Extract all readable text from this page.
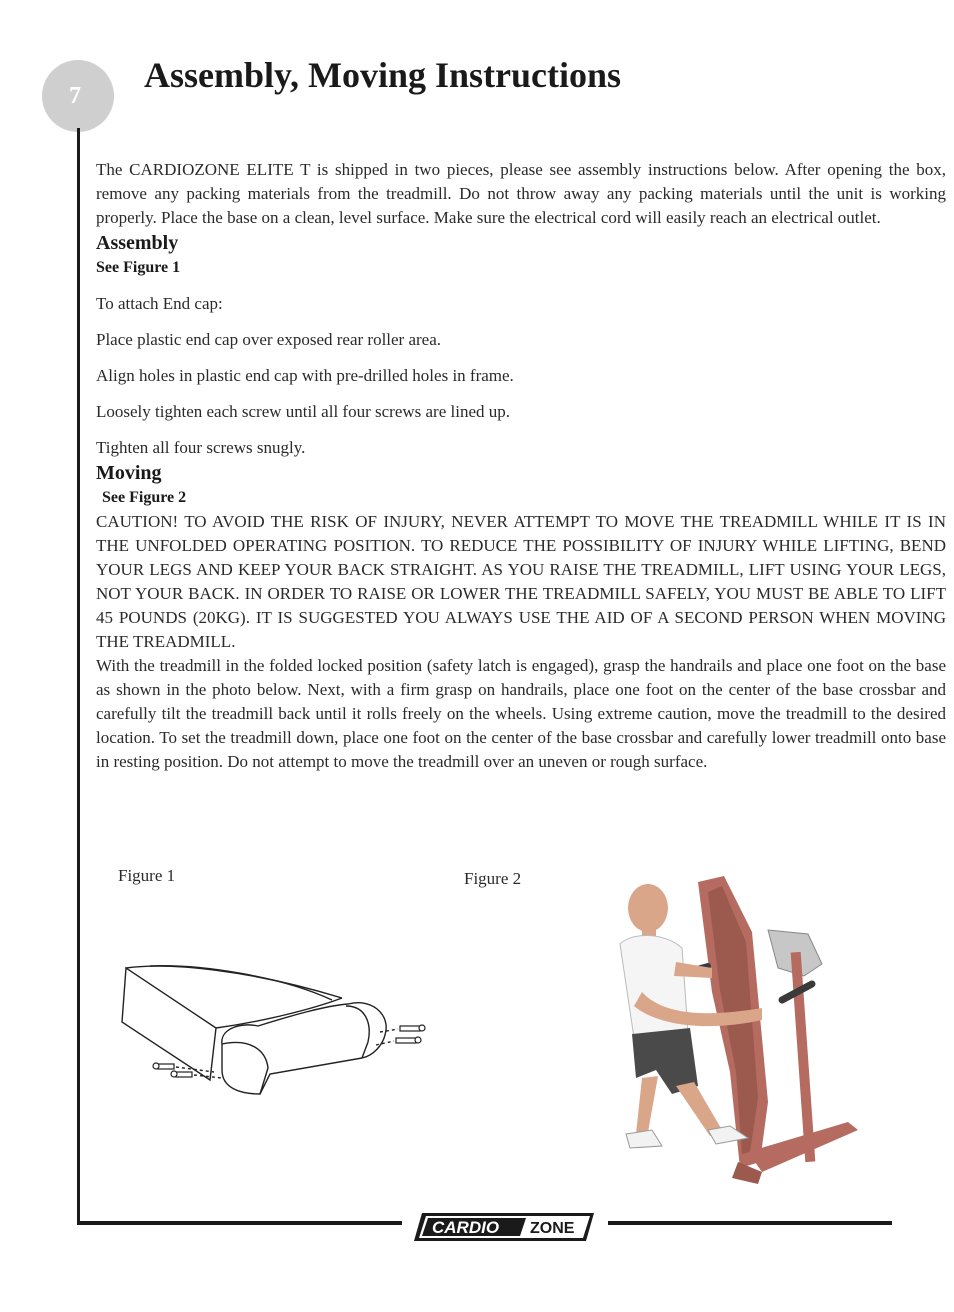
7
Assembly, Moving Instructions
CARDIO ZONE

The CARDIOZONE ELITE T is shipped in two pieces, please see assembly instructions below. After opening the box, remove any packing materials from the treadmill. Do not throw away any packing materials until the unit is working properly. Place the base on a clean, level surface. Make sure the electrical cord will easily reach an electrical outlet.

Assembly

See Figure 1

To attach End cap:

Place plastic end cap over exposed rear roller area.

Align holes in plastic end cap with pre-drilled holes in frame.

Loosely tighten each screw until all four screws are lined up.

Tighten all four screws snugly.

Moving

See Figure 2

CAUTION! TO AVOID THE RISK OF INJURY, NEVER ATTEMPT TO MOVE THE TREADMILL WHILE IT IS IN THE UNFOLDED OPERATING POSITION. TO REDUCE THE POSSIBILITY OF INJURY WHILE LIFTING, BEND YOUR LEGS AND KEEP YOUR BACK STRAIGHT. AS YOU RAISE THE TREADMILL, LIFT USING YOUR LEGS, NOT YOUR BACK. IN ORDER TO RAISE OR LOWER THE TREADMILL SAFELY, YOU MUST BE ABLE TO LIFT 45 POUNDS (20KG). IT IS SUGGESTED YOU ALWAYS USE THE AID OF A SECOND PERSON WHEN MOVING THE TREADMILL.

With the treadmill in the folded locked position (safety latch is engaged), grasp the handrails and place one foot on the base as shown in the photo below. Next, with a firm grasp on handrails, place one foot on the center of the base crossbar and carefully tilt the treadmill back until it rolls freely on the wheels. Using extreme caution, move the treadmill to the desired location. To set the treadmill down, place one foot on the center of the base crossbar and carefully lower treadmill onto base in resting position. Do not attempt to move the treadmill over an uneven or rough surface.

Figure 1	Figure 2
